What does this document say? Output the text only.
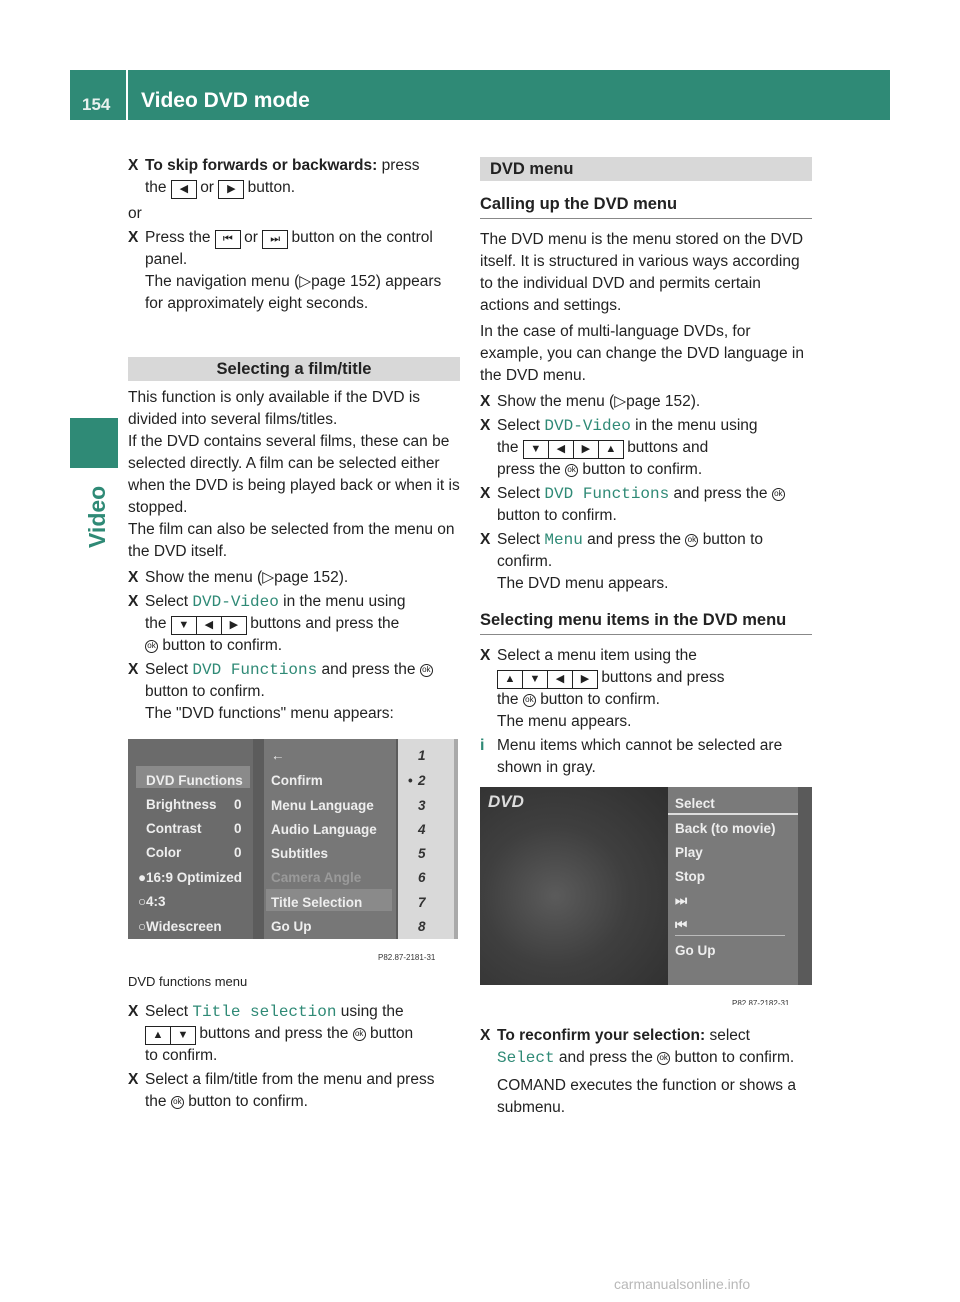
154 Video DVD mode
Video
X To skip forwards or backwards: press
the ◀ or ▶ button.
or
X Press the ⏮ or ⏭ button on the control panel.
The navigation menu (▷page 152) appears for approximately eight seconds.
Selecting a film/title
This function is only available if the DVD is divided into several films/titles.
If the DVD contains several films, these can be selected directly. A film can be selected either when the DVD is being played back or when it is stopped.
The film can also be selected from the menu on the DVD itself.
X Show the menu (▷page 152).
X Select DVD-Video in the menu using
the ▼ ◀ ▶ buttons and press the
ok button to confirm.
X Select DVD Functions and press the ok
button to confirm.
The "DVD functions" menu appears:
DVD Functions
Brightness 0
Contrast 0
Color	0
● 16:9 Optimized
○ 4:3
○ Widescreen
←
Confirm
Menu Language
Audio Language
Subtitles
Camera Angle
Title Selection
Go Up
1
• 2
3
4
5
6
7
8
P82.87-2181-31
DVD functions menu
X Select Title selection using the
▲ ▼ buttons and press the ok button
to confirm.
X Select a film/title from the menu and press the ok button to confirm.
DVD menu
Calling up the DVD menu
The DVD menu is the menu stored on the DVD itself. It is structured in various ways according to the individual DVD and permits certain actions and settings.
In the case of multi-language DVDs, for example, you can change the DVD language in the DVD menu.
X Show the menu (▷page 152).
X Select DVD-Video in the menu using
the ▼ ◀ ▶ ▲ buttons and
press the ok button to confirm.
X Select DVD Functions and press the ok
button to confirm.
X Select Menu and press the ok button to
confirm.
The DVD menu appears.
Selecting menu items in the DVD menu
X Select a menu item using the
▲ ▼ ◀ ▶ buttons and press
the ok button to confirm.
The menu appears.
i Menu items which cannot be selected are shown in gray.
DVD	Select
Back (to movie)
Play
Stop
⏭
⏮
Go Up
P82.87-2182-31
X To reconfirm your selection: select
Select and press the ok button to confirm.
COMAND executes the function or shows a submenu.
carmanualsonline.info
